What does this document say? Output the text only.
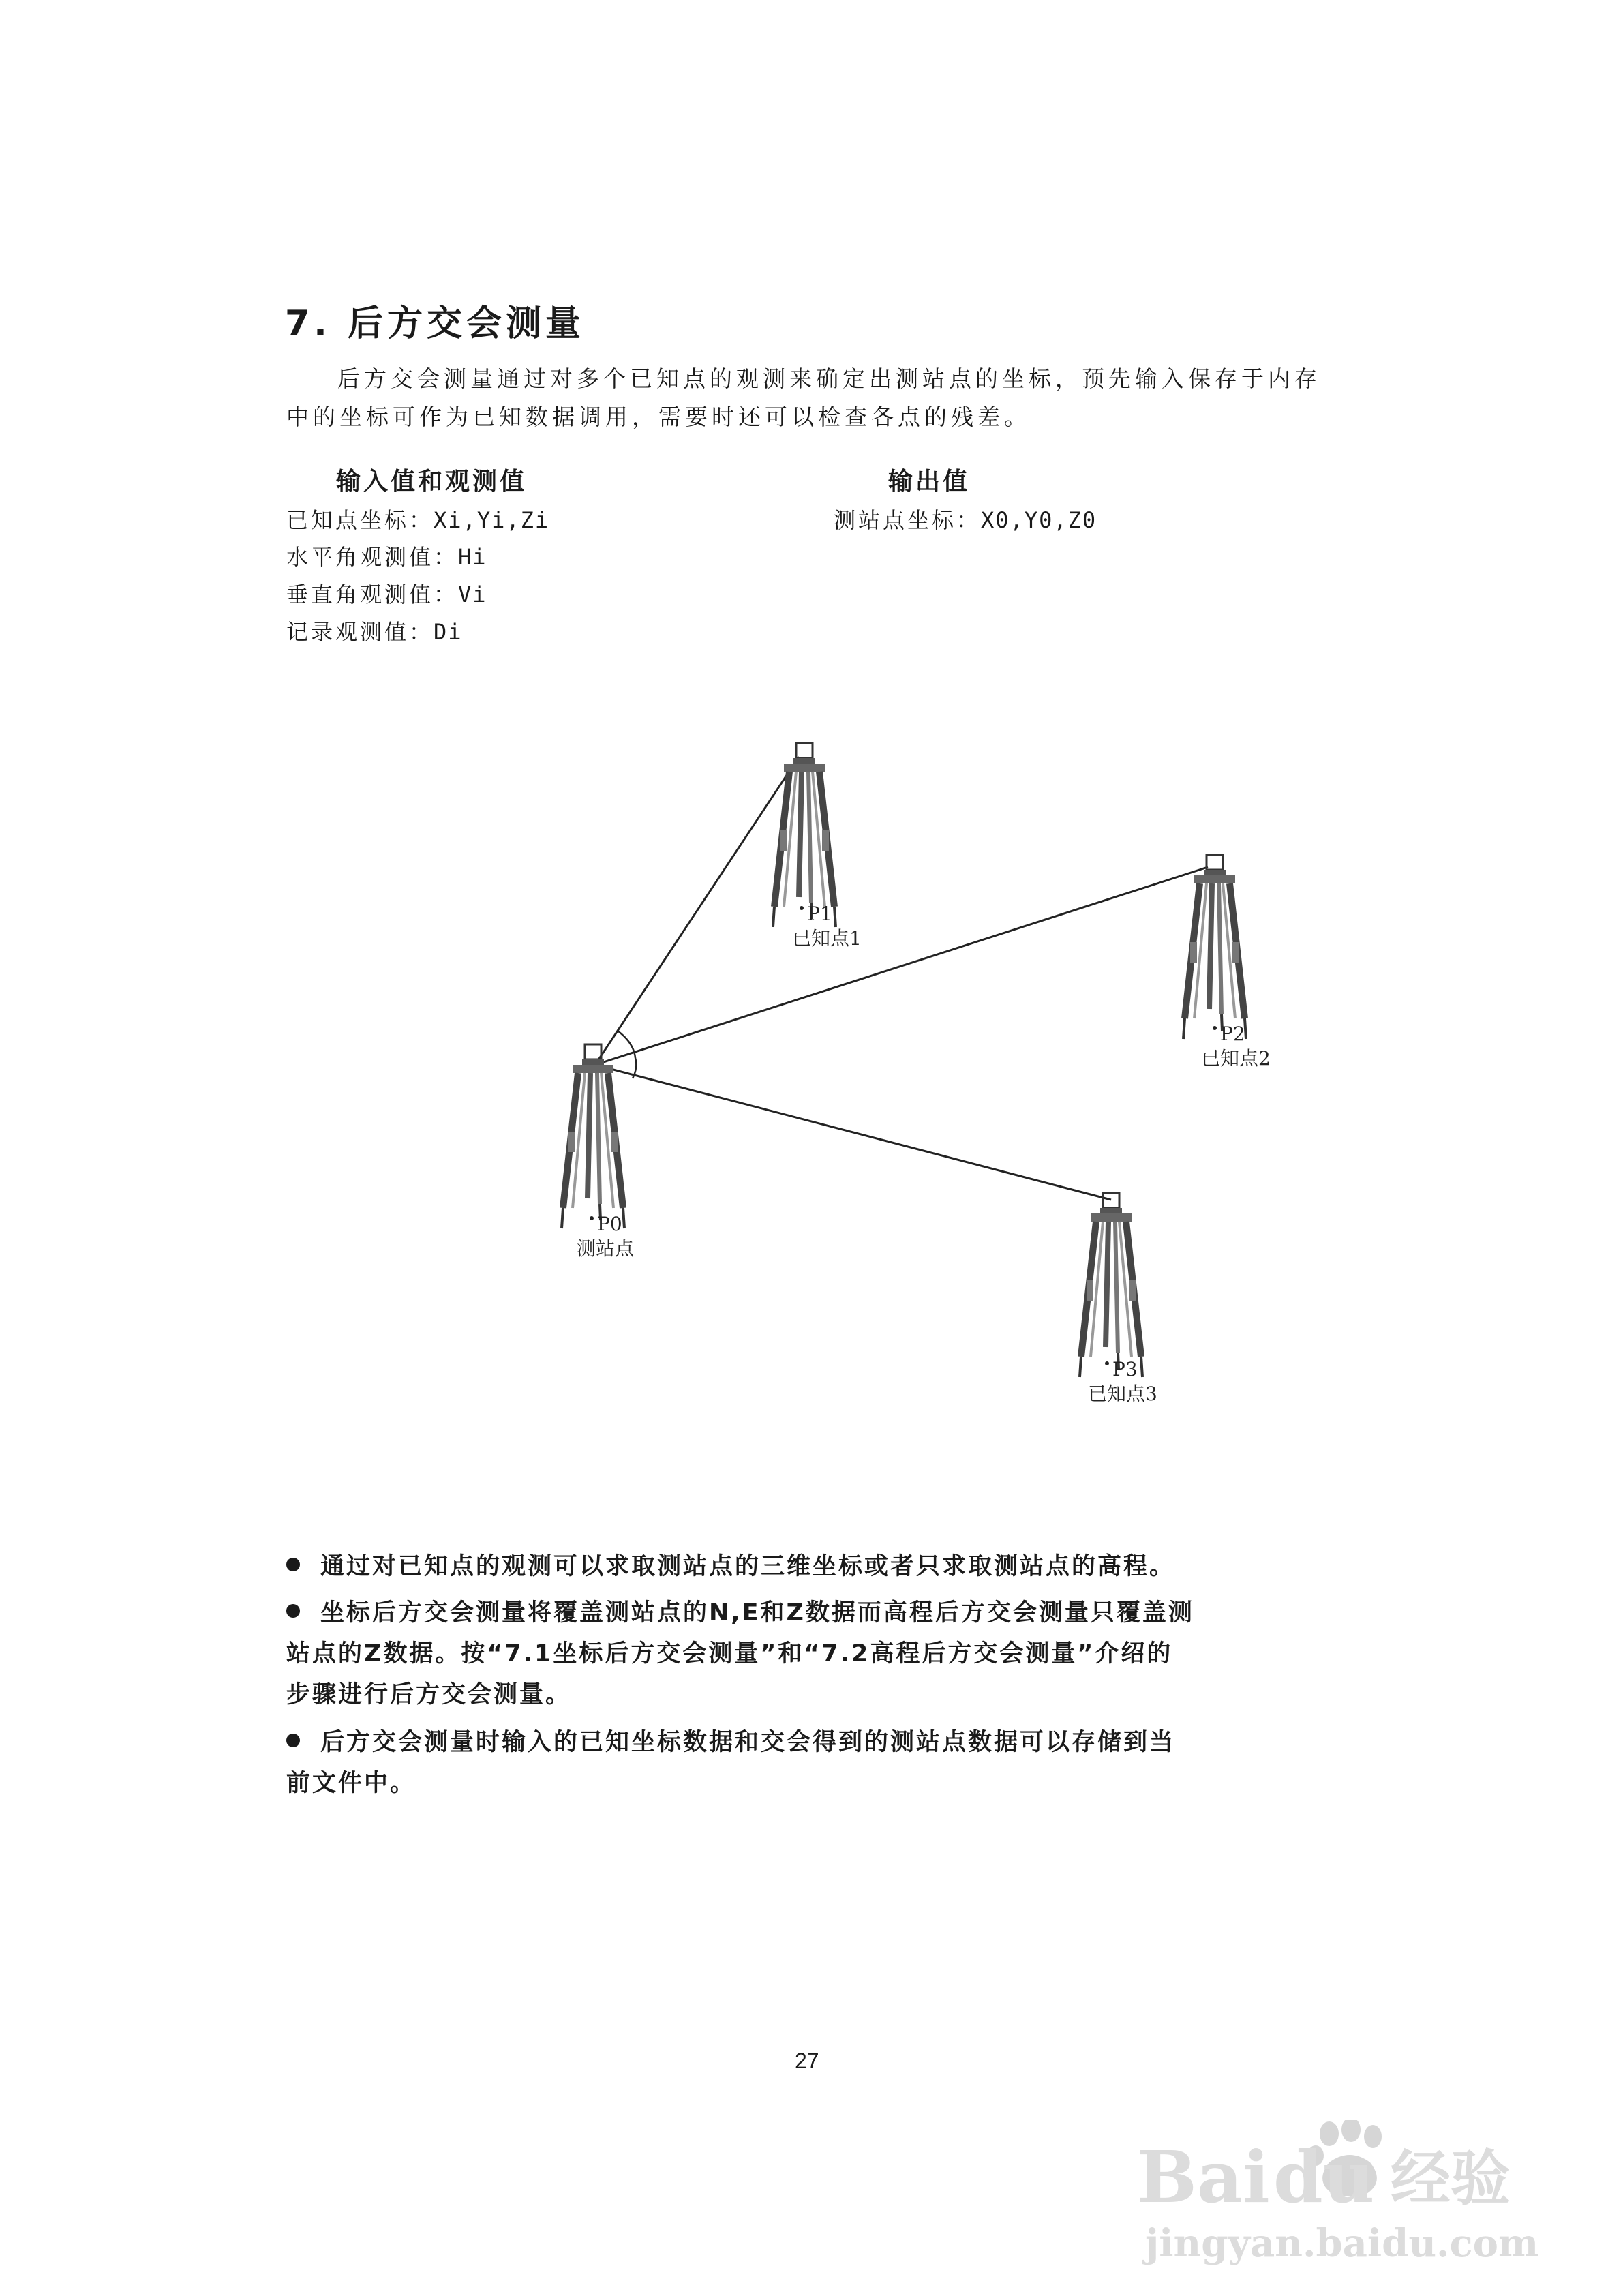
7. 后方交会测量
后方交会测量通过对多个已知点的观测来确定出测站点的坐标，预先输入保存于内存
中的坐标可作为已知数据调用，需要时还可以检查各点的残差。
输入值和观测值	输出值
已知点坐标：Xi,Yi,Zi
水平角观测值：Hi
垂直角观测值：Vi
记录观测值：Di
测站点坐标：X0,Y0,Z0
P1
已知点1
P2
已知点2
P0
测站点
P3
已知点3
通过对已知点的观测可以求取测站点的三维坐标或者只求取测站点的高程。
坐标后方交会测量将覆盖测站点的N,E和Z数据而高程后方交会测量只覆盖测
站点的Z数据。按“7.1坐标后方交会测量”和“7.2高程后方交会测量”介绍的
步骤进行后方交会测量。
后方交会测量时输入的已知坐标数据和交会得到的测站点数据可以存储到当
前文件中。
27
Bai du 经验
jingyan.baidu.com
